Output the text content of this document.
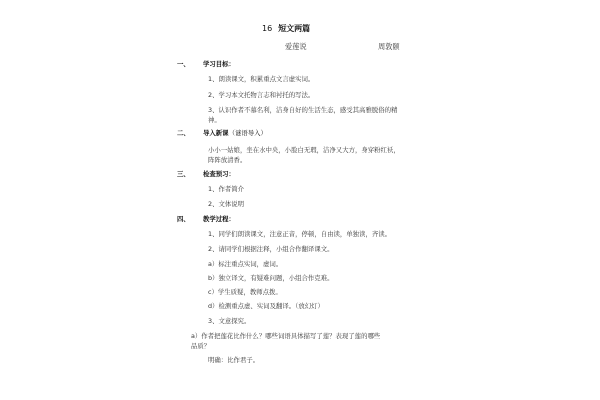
16 短文两篇
爱莲说	周敦颐
一、 学习目标：
1、朗读课文，积累重点文言虚实词。
2、学习本文托物言志和衬托的写法。
3、认识作者不慕名利，洁身自好的生活生态，感受其高雅脱俗的精
神。
二、 导入新课（谜语导入）
小小一姑娘，坐在水中央，小脸白无瑕，洁净又大方，身穿粉红袄，
阵阵放清香。
三、 检查预习：
1、作者简介
2、文体说明
四、 教学过程：
1、同学们朗读课文，注意正音，停顿，自由读，单独读，齐读。
2、请同学们根据注释，小组合作翻译课文。
a）标注重点实词，虚词。
b）独立译文，有疑难问题，小组合作克难。
c）学生质疑，教师点拨。
d）检测重点虚、实词及翻译。（放幻灯）
3、文意探究。
a）作者把莲花比作什么？哪些词语具体描写了莲？表现了莲的哪些
品质？
明确：比作君子。
